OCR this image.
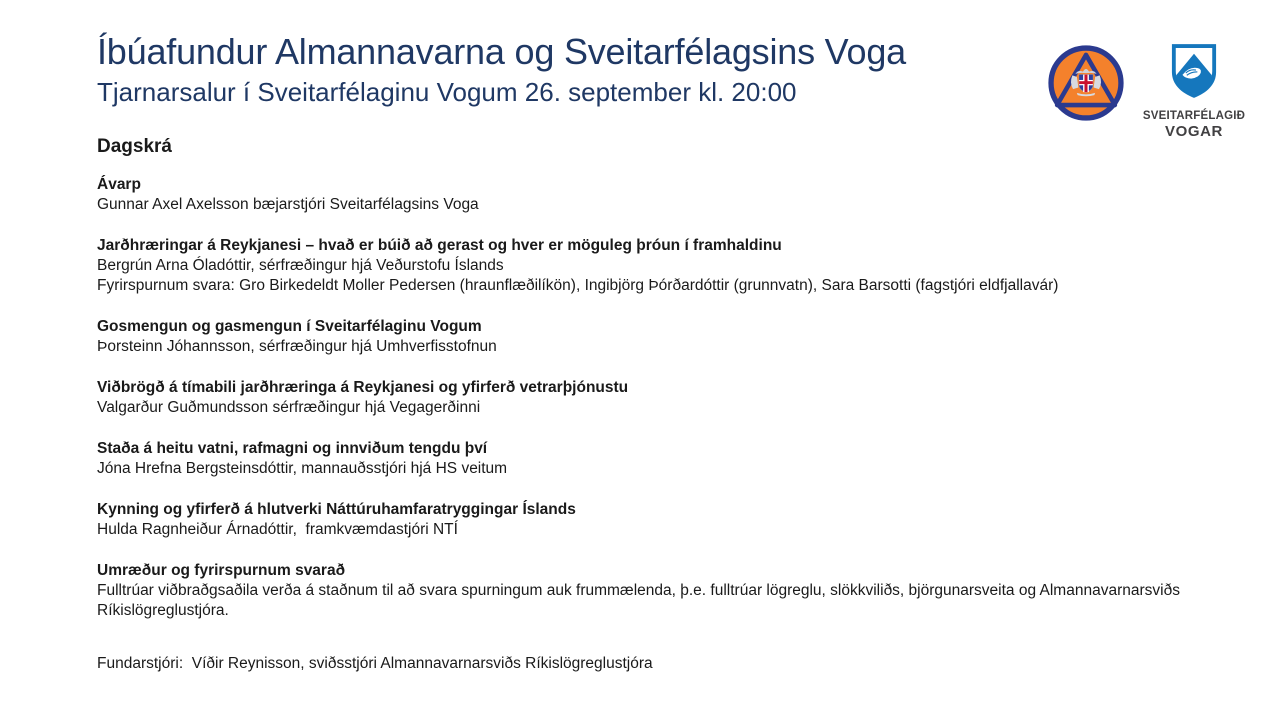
Íbúafundur Almannavarna og Sveitarfélagsins Voga
Tjarnarsalur í Sveitarfélaginu Vogum 26. september kl. 20:00
SVEITARFÉLAGIÐ
VOGAR
Dagskrá
Ávarp
Gunnar Axel Axelsson bæjarstjóri Sveitarfélagsins Voga
Jarðhræringar á Reykjanesi – hvað er búið að gerast og hver er möguleg þróun í framhaldinu
Bergrún Arna Óladóttir, sérfræðingur hjá Veðurstofu Íslands
Fyrirspurnum svara: Gro Birkedeldt Moller Pedersen (hraunflæðilíkön), Ingibjörg Þórðardóttir (grunnvatn), Sara Barsotti (fagstjóri eldfjallavár)
Gosmengun og gasmengun í Sveitarfélaginu Vogum
Þorsteinn Jóhannsson, sérfræðingur hjá Umhverfisstofnun
Viðbrögð á tímabili jarðhræringa á Reykjanesi og yfirferð vetrarþjónustu
Valgarður Guðmundsson sérfræðingur hjá Vegagerðinni
Staða á heitu vatni, rafmagni og innviðum tengdu því
Jóna Hrefna Bergsteinsdóttir, mannauðsstjóri hjá HS veitum
Kynning og yfirferð á hlutverki Náttúruhamfaratryggingar Íslands
Hulda Ragnheiður Árnadóttir,  framkvæmdastjóri NTÍ
Umræður og fyrirspurnum svarað
Fulltrúar viðbraðgsaðila verða á staðnum til að svara spurningum auk frummælenda, þ.e. fulltrúar lögreglu, slökkviliðs, björgunarsveita og Almannavarnarsviðs Ríkislögreglustjóra.
Fundarstjóri:  Víðir Reynisson, sviðsstjóri Almannavarnarsviðs Ríkislögreglustjóra
